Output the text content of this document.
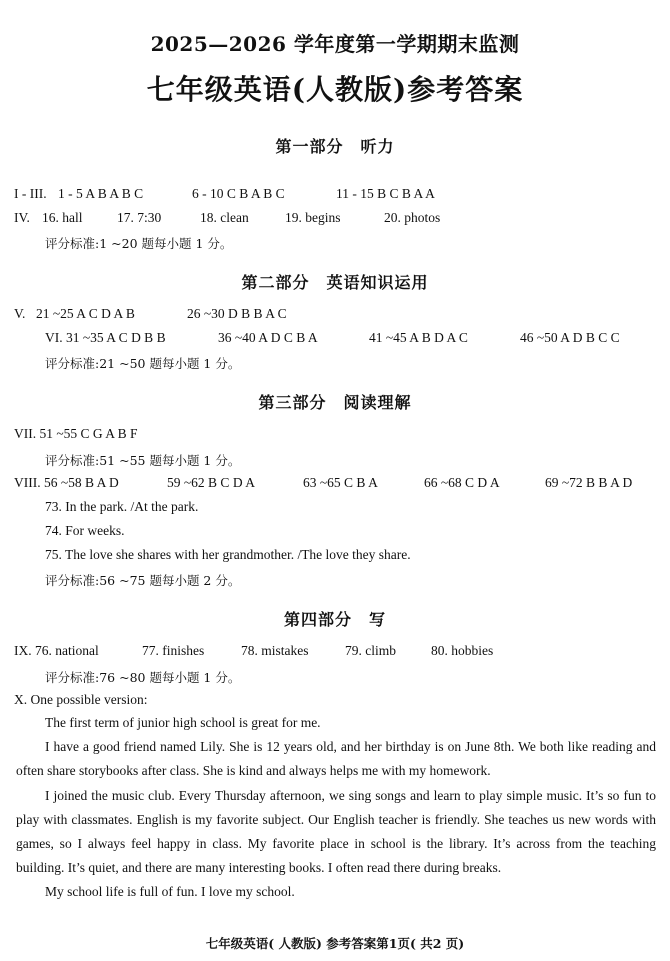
2025—2026 学年度第一学期期末监测
七年级英语(人教版)参考答案
第一部分　听力
I - III. 1 - 5 A B A B C	6 - 10 C B A B C	11 - 15 B C B A A
IV. 16. hall	17. 7:30	18. clean	19. begins	20. photos
评分标准:1 ~20 题每小题 1 分。
第二部分　英语知识运用
V. 21 ~25 A C D A B	26 ~30 D B B A C
VI. 31 ~35 A C D B B	36 ~40 A D C B A	41 ~45 A B D A C	46 ~50 A D B C C
评分标准:21 ~50 题每小题 1 分。
第三部分　阅读理解
VII. 51 ~55 C G A B F
评分标准:51 ~55 题每小题 1 分。
VIII. 56 ~58 B A D	59 ~62 B C D A	63 ~65 C B A	66 ~68 C D A	69 ~72 B B A D
73. In the park. /At the park.
74. For weeks.
75. The love she shares with her grandmother. /The love they share.
评分标准:56 ~75 题每小题 2 分。
第四部分　写
IX. 76. national	77. finishes	78. mistakes	79. climb	80. hobbies
评分标准:76 ~80 题每小题 1 分。
X. One possible version:

The first term of junior high school is great for me.

I have a good friend named Lily. She is 12 years old, and her birthday is on June 8th. We both like reading and often share storybooks after class. She is kind and always helps me with my homework.

I joined the music club. Every Thursday afternoon, we sing songs and learn to play simple music. It’s so fun to play with classmates. English is my favorite subject. Our English teacher is friendly. She teaches us new words with games, so I always feel happy in class. My favorite place in school is the library. It’s across from the teaching building. It’s quiet, and there are many interesting books. I often read there during breaks.

My school life is full of fun. I love my school.

七年级英语( 人教版) 参考答案第1页( 共2 页)
